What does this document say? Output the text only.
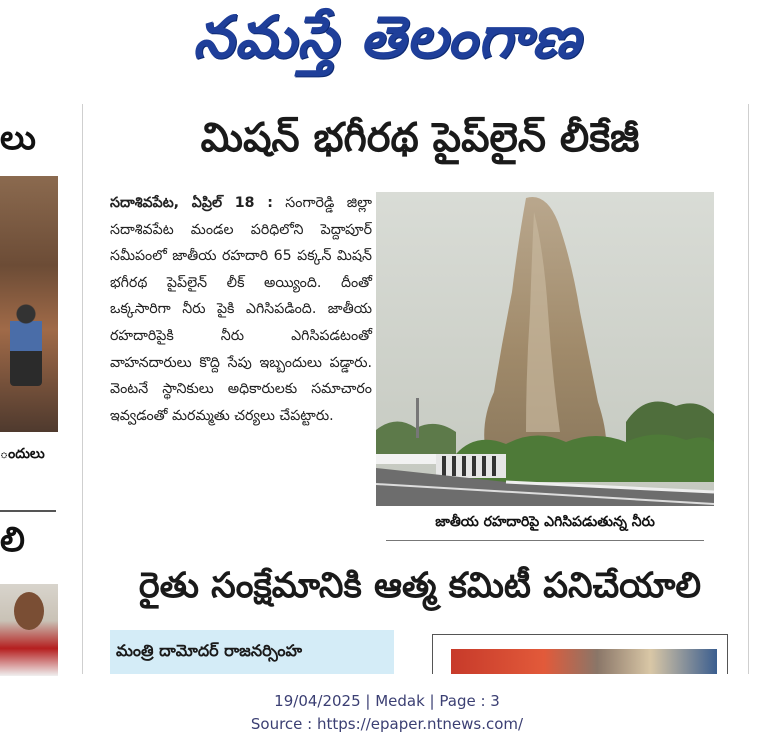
నమస్తే తెలంగాణ
లు
ందులు
లి
మిషన్ భగీరథ పైప్‌లైన్ లీకేజీ
సదాశివపేట, ఏప్రిల్ 18 : సంగారెడ్డి జిల్లా సదాశివపేట మండల పరిధిలోని పెద్దాపూర్ సమీపంలో జాతీయ రహదారి 65 పక్కన్ మిషన్ భగీరథ పైప్‌లైన్ లీక్ అయ్యింది. దీంతో ఒక్కసారిగా నీరు పైకి ఎగిసిపడింది. జాతీయ రహదారిపైకి నీరు ఎగిసిపడటంతో వాహనదారులు కొద్ది సేపు ఇబ్బందులు పడ్డారు. వెంటనే స్థానికులు అధికారులకు సమాచారం ఇవ్వడంతో మరమ్మతు చర్యలు చేపట్టారు.
జాతీయ రహదారిపై ఎగిసిపడుతున్న నీరు
రైతు సంక్షేమానికి ఆత్మ కమిటీ పనిచేయాలి
మంత్రి దామోదర్ రాజనర్సింహ
19/04/2025 | Medak | Page : 3
Source : https://epaper.ntnews.com/
